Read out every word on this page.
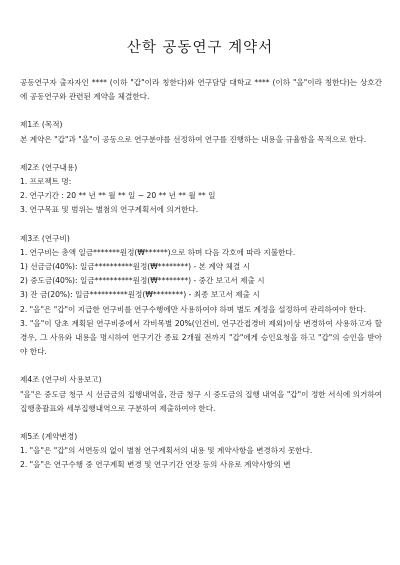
산학 공동연구 계약서

공동연구자 출자자인 **** (이하 "갑"이라 칭한다)와 연구담당 대학교 **** (이하 "을"이라 칭한다)는 상호간에 공동연구와 관련된 계약을 체결한다.

제1조 (목적)

본 계약은 "갑"과 "을"이 공동으로 연구분야를 선정하여 연구를 진행하는 내용을 규율함을 목적으로 한다.

제2조 (연구내용)

1. 프로젝트 명:

2. 연구기간 : 20 ** 년 ** 월 ** 일 ~ 20 ** 년 ** 월 ** 일

3. 연구목표 및 범위는 별첨의 연구계획서에 의거한다.

제3조 (연구비)

1. 연구비는 총액 일금*******원정(₩******)으로 하며 다음 각호에 따라 지불한다.

1) 선금금(40%): 일금**********원정(₩********) - 본 계약 체결 시

2) 중도금(40%): 일금**********원정(₩********) - 중간 보고서 제출 시

3) 잔 금(20%): 일금**********원정(₩********) - 최종 보고서 제출 시

2. "을"은 "갑"이 지급한 연구비를 연구수행에만 사용하여야 하며 별도 계정을 설정하여 관리하여야 한다.

3. "을"이 당초 계획된 연구비중에서 각비목별 20%(인건비, 연구간접경비 제외)이상 변경하여 사용하고자 할 경우, 그 사유와 내용을 명시하여 연구기간 종료 2개월 전까지 "갑"에게 승인요청을 하고 "갑"의 승인을 받아야 한다.

제4조 (연구비 사용보고)

"을"은 중도금 청구 시 선금금의 집행내역을, 잔금 청구 시 중도금의 집행 내역을 "갑"이 정한 서식에 의거하여 집행총괄표와 세부집행내역으로 구분하여 제출하여야 한다.

제5조 (계약변경)

1. "을"은 "갑"의 서면동의 없이 별첨 연구계획서의 내용 및 계약사항을 변경하지 못한다.

2. "을"은 연구수행 중 연구계획 변경 및 연구기간 연장 등의 사유로 계약사항의 변
